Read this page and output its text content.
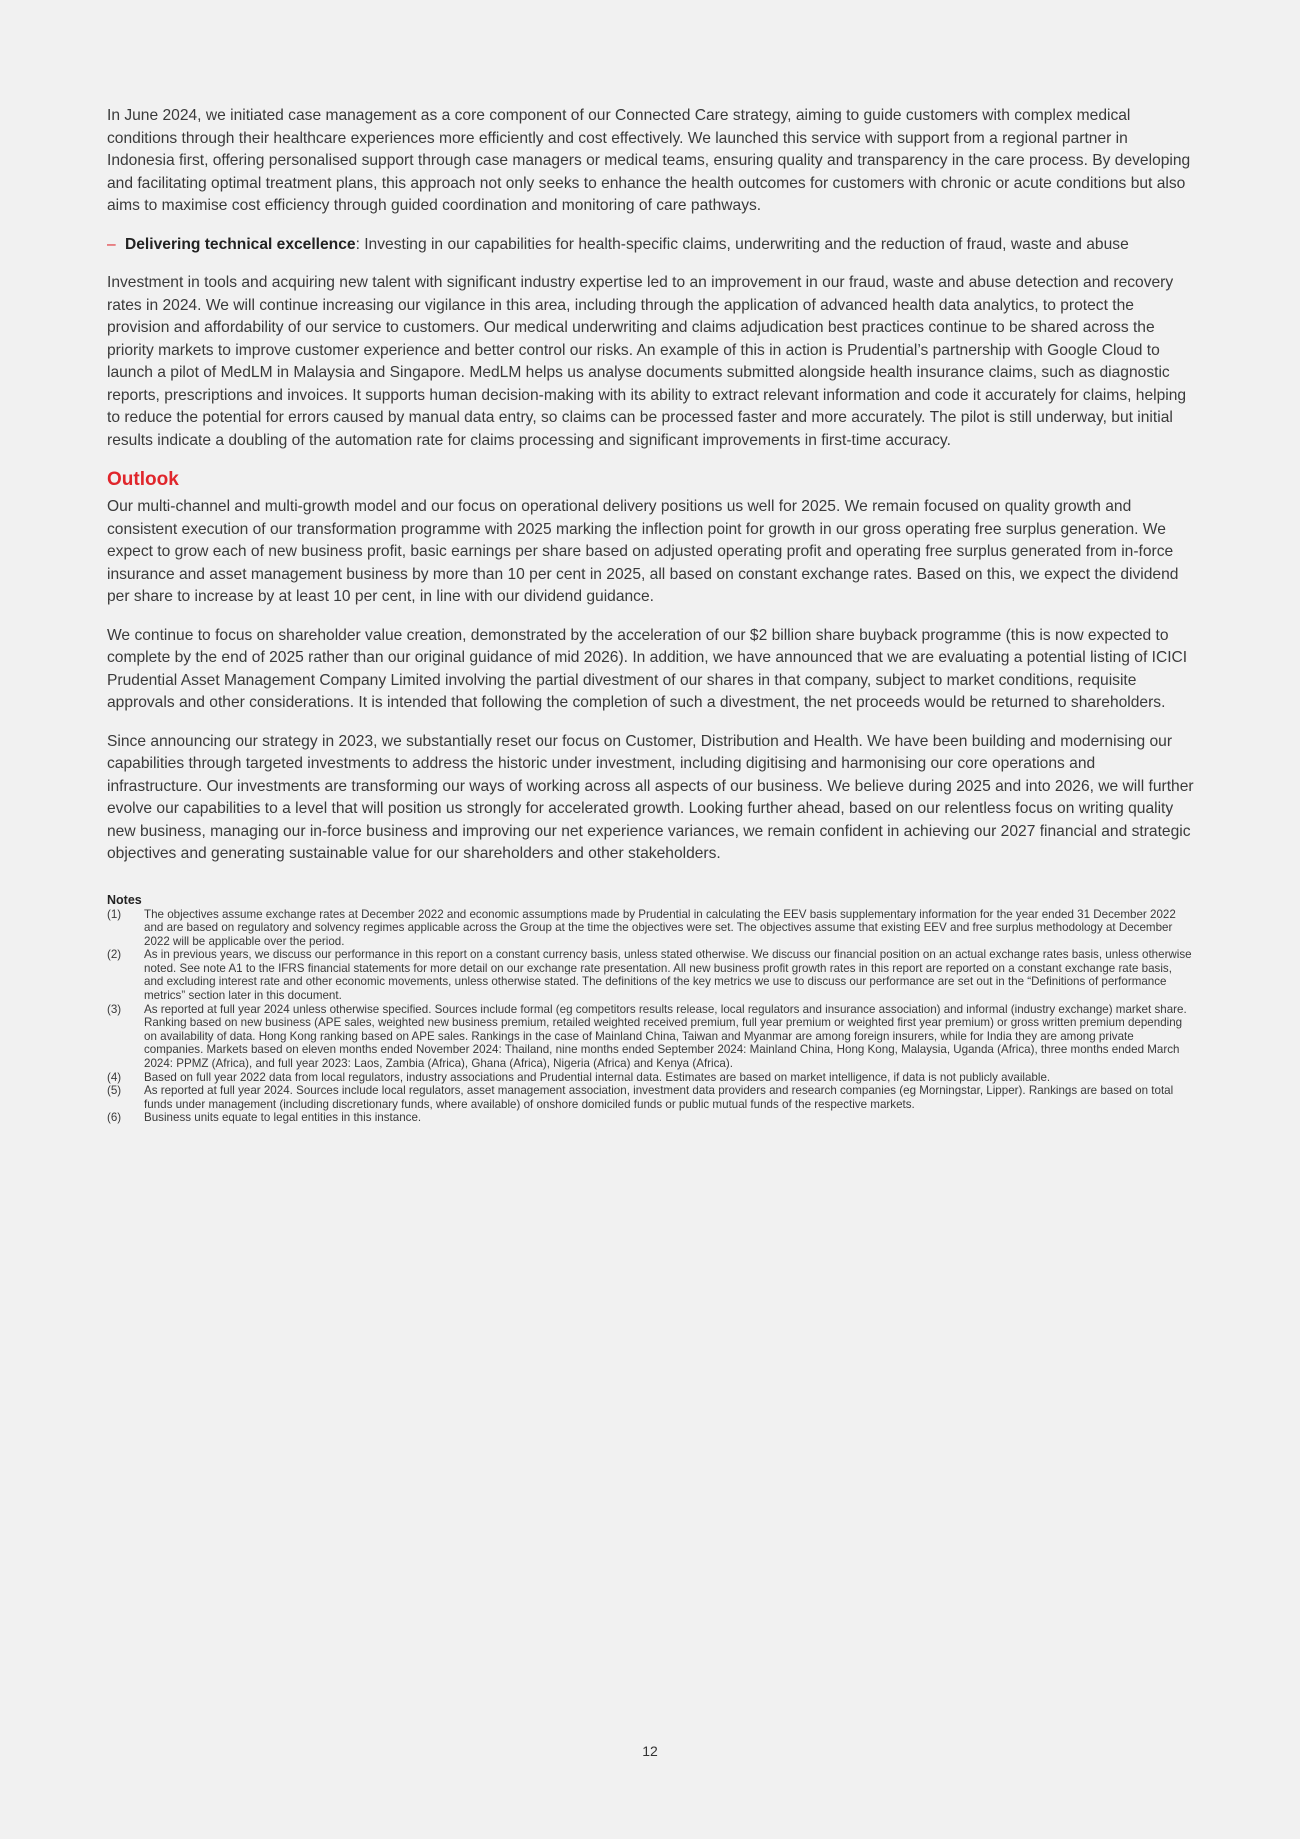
In June 2024, we initiated case management as a core component of our Connected Care strategy, aiming to guide customers with complex medical conditions through their healthcare experiences more efficiently and cost effectively. We launched this service with support from a regional partner in Indonesia first, offering personalised support through case managers or medical teams, ensuring quality and transparency in the care process. By developing and facilitating optimal treatment plans, this approach not only seeks to enhance the health outcomes for customers with chronic or acute conditions but also aims to maximise cost efficiency through guided coordination and monitoring of care pathways.

– Delivering technical excellence: Investing in our capabilities for health-specific claims, underwriting and the reduction of fraud, waste and abuse

Investment in tools and acquiring new talent with significant industry expertise led to an improvement in our fraud, waste and abuse detection and recovery rates in 2024. We will continue increasing our vigilance in this area, including through the application of advanced health data analytics, to protect the provision and affordability of our service to customers. Our medical underwriting and claims adjudication best practices continue to be shared across the priority markets to improve customer experience and better control our risks. An example of this in action is Prudential’s partnership with Google Cloud to launch a pilot of MedLM in Malaysia and Singapore. MedLM helps us analyse documents submitted alongside health insurance claims, such as diagnostic reports, prescriptions and invoices. It supports human decision-making with its ability to extract relevant information and code it accurately for claims, helping to reduce the potential for errors caused by manual data entry, so claims can be processed faster and more accurately. The pilot is still underway, but initial results indicate a doubling of the automation rate for claims processing and significant improvements in first-time accuracy.

Outlook

Our multi-channel and multi-growth model and our focus on operational delivery positions us well for 2025. We remain focused on quality growth and consistent execution of our transformation programme with 2025 marking the inflection point for growth in our gross operating free surplus generation. We expect to grow each of new business profit, basic earnings per share based on adjusted operating profit and operating free surplus generated from in-force insurance and asset management business by more than 10 per cent in 2025, all based on constant exchange rates. Based on this, we expect the dividend per share to increase by at least 10 per cent, in line with our dividend guidance.

We continue to focus on shareholder value creation, demonstrated by the acceleration of our $2 billion share buyback programme (this is now expected to complete by the end of 2025 rather than our original guidance of mid 2026). In addition, we have announced that we are evaluating a potential listing of ICICI Prudential Asset Management Company Limited involving the partial divestment of our shares in that company, subject to market conditions, requisite approvals and other considerations. It is intended that following the completion of such a divestment, the net proceeds would be returned to shareholders.

Since announcing our strategy in 2023, we substantially reset our focus on Customer, Distribution and Health. We have been building and modernising our capabilities through targeted investments to address the historic under investment, including digitising and harmonising our core operations and infrastructure. Our investments are transforming our ways of working across all aspects of our business. We believe during 2025 and into 2026, we will further evolve our capabilities to a level that will position us strongly for accelerated growth. Looking further ahead, based on our relentless focus on writing quality new business, managing our in-force business and improving our net experience variances, we remain confident in achieving our 2027 financial and strategic objectives and generating sustainable value for our shareholders and other stakeholders.

Notes
(1)	The objectives assume exchange rates at December 2022 and economic assumptions made by Prudential in calculating the EEV basis supplementary information for the year ended 31 December 2022 and are based on regulatory and solvency regimes applicable across the Group at the time the objectives were set. The objectives assume that existing EEV and free surplus methodology at December 2022 will be applicable over the period.
(2)	As in previous years, we discuss our performance in this report on a constant currency basis, unless stated otherwise. We discuss our financial position on an actual exchange rates basis, unless otherwise noted. See note A1 to the IFRS financial statements for more detail on our exchange rate presentation. All new business profit growth rates in this report are reported on a constant exchange rate basis, and excluding interest rate and other economic movements, unless otherwise stated. The definitions of the key metrics we use to discuss our performance are set out in the “Definitions of performance metrics” section later in this document.
(3)	As reported at full year 2024 unless otherwise specified. Sources include formal (eg competitors results release, local regulators and insurance association) and informal (industry exchange) market share. Ranking based on new business (APE sales, weighted new business premium, retailed weighted received premium, full year premium or weighted first year premium) or gross written premium depending on availability of data. Hong Kong ranking based on APE sales. Rankings in the case of Mainland China, Taiwan and Myanmar are among foreign insurers, while for India they are among private companies. Markets based on eleven months ended November 2024: Thailand, nine months ended September 2024: Mainland China, Hong Kong, Malaysia, Uganda (Africa), three months ended March 2024: PPMZ (Africa), and full year 2023: Laos, Zambia (Africa), Ghana (Africa), Nigeria (Africa) and Kenya (Africa).
(4)	Based on full year 2022 data from local regulators, industry associations and Prudential internal data. Estimates are based on market intelligence, if data is not publicly available.
(5)	As reported at full year 2024. Sources include local regulators, asset management association, investment data providers and research companies (eg Morningstar, Lipper). Rankings are based on total funds under management (including discretionary funds, where available) of onshore domiciled funds or public mutual funds of the respective markets.
(6)	Business units equate to legal entities in this instance.
12
